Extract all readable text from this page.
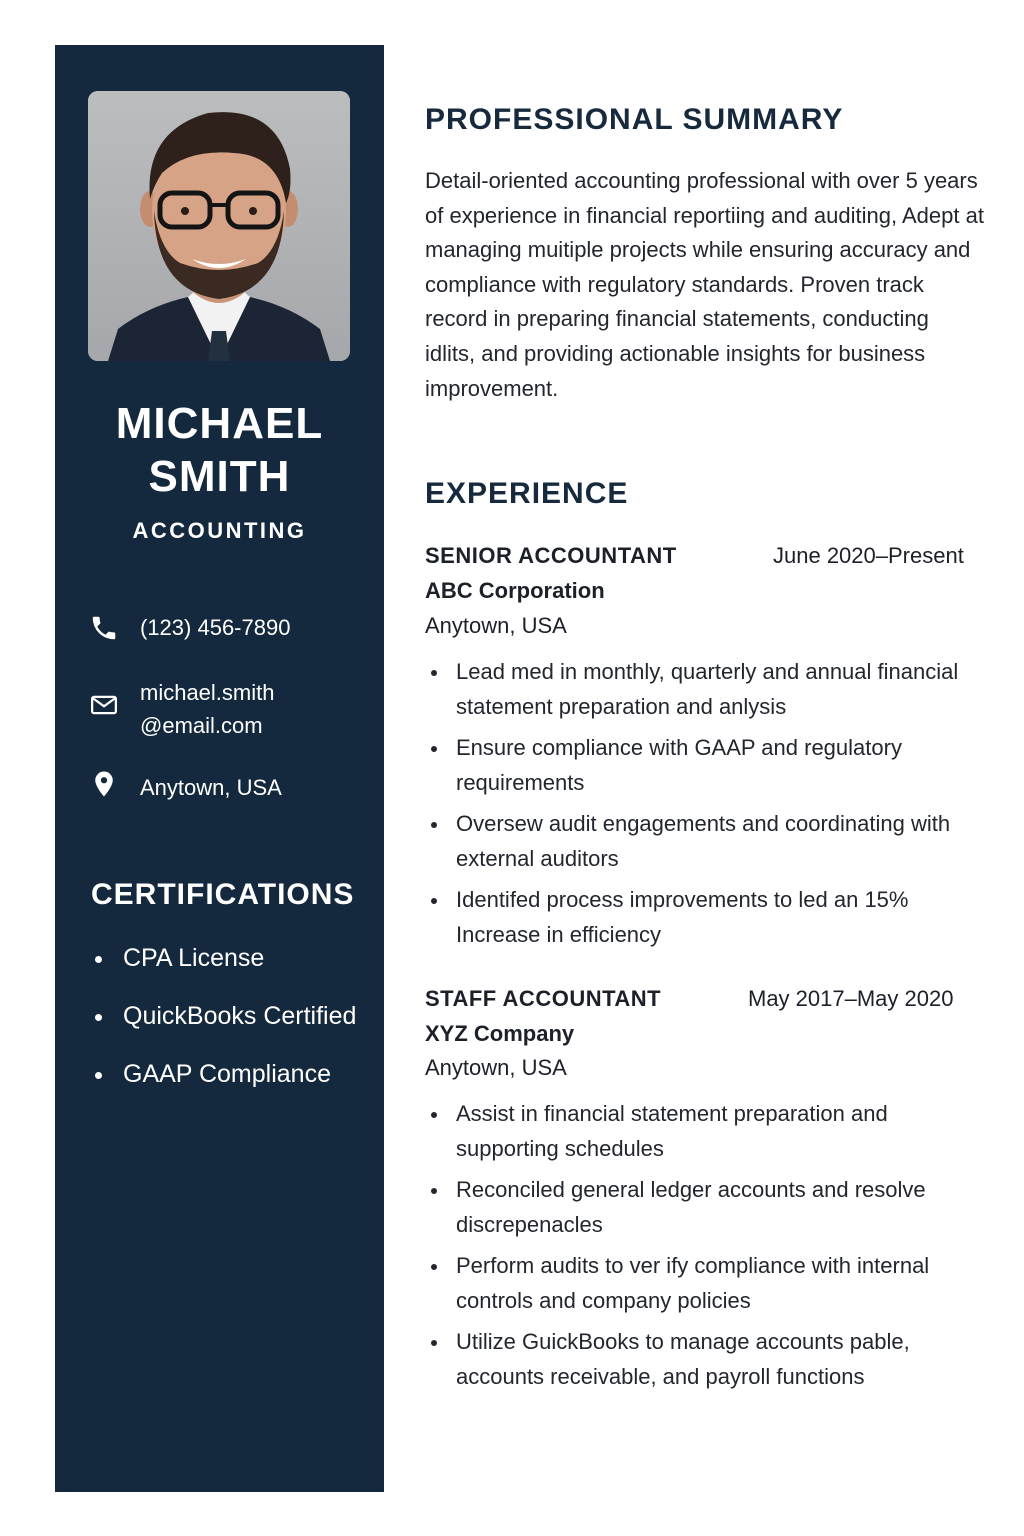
MICHAEL
SMITH
ACCOUNTING
(123) 456-7890
michael.smith
@email.com
Anytown, USA
CERTIFICATIONS
CPA License
QuickBooks Certified
GAAP Compliance
PROFESSIONAL SUMMARY

Detail-oriented accounting professional with over 5 years of experience in financial reportiing and auditing, Adept at managing muitiple projects while ensuring accuracy and compliance with regulatory standards. Proven track record in preparing financial statements, conducting idlits, and providing actionable insights for business improvement.

EXPERIENCE
SENIOR ACCOUNTANT	June 2020–Present
ABC Corporation
Anytown, USA
Lead med in monthly, quarterly and annual financial statement preparation and anlysis
Ensure compliance with GAAP and regulatory requirements
Oversew audit engagements and coordinating with external auditors
Identifed process improvements to led an 15% Increase in efficiency
STAFF ACCOUNTANT	May 2017–May 2020
XYZ Company
Anytown, USA
Assist in financial statement preparation and supporting schedules
Reconciled general ledger accounts and resolve discrepenacles
Perform audits to ver ify compliance with internal controls and company policies
Utilize GuickBooks to manage accounts pable, accounts receivable, and payroll functions
